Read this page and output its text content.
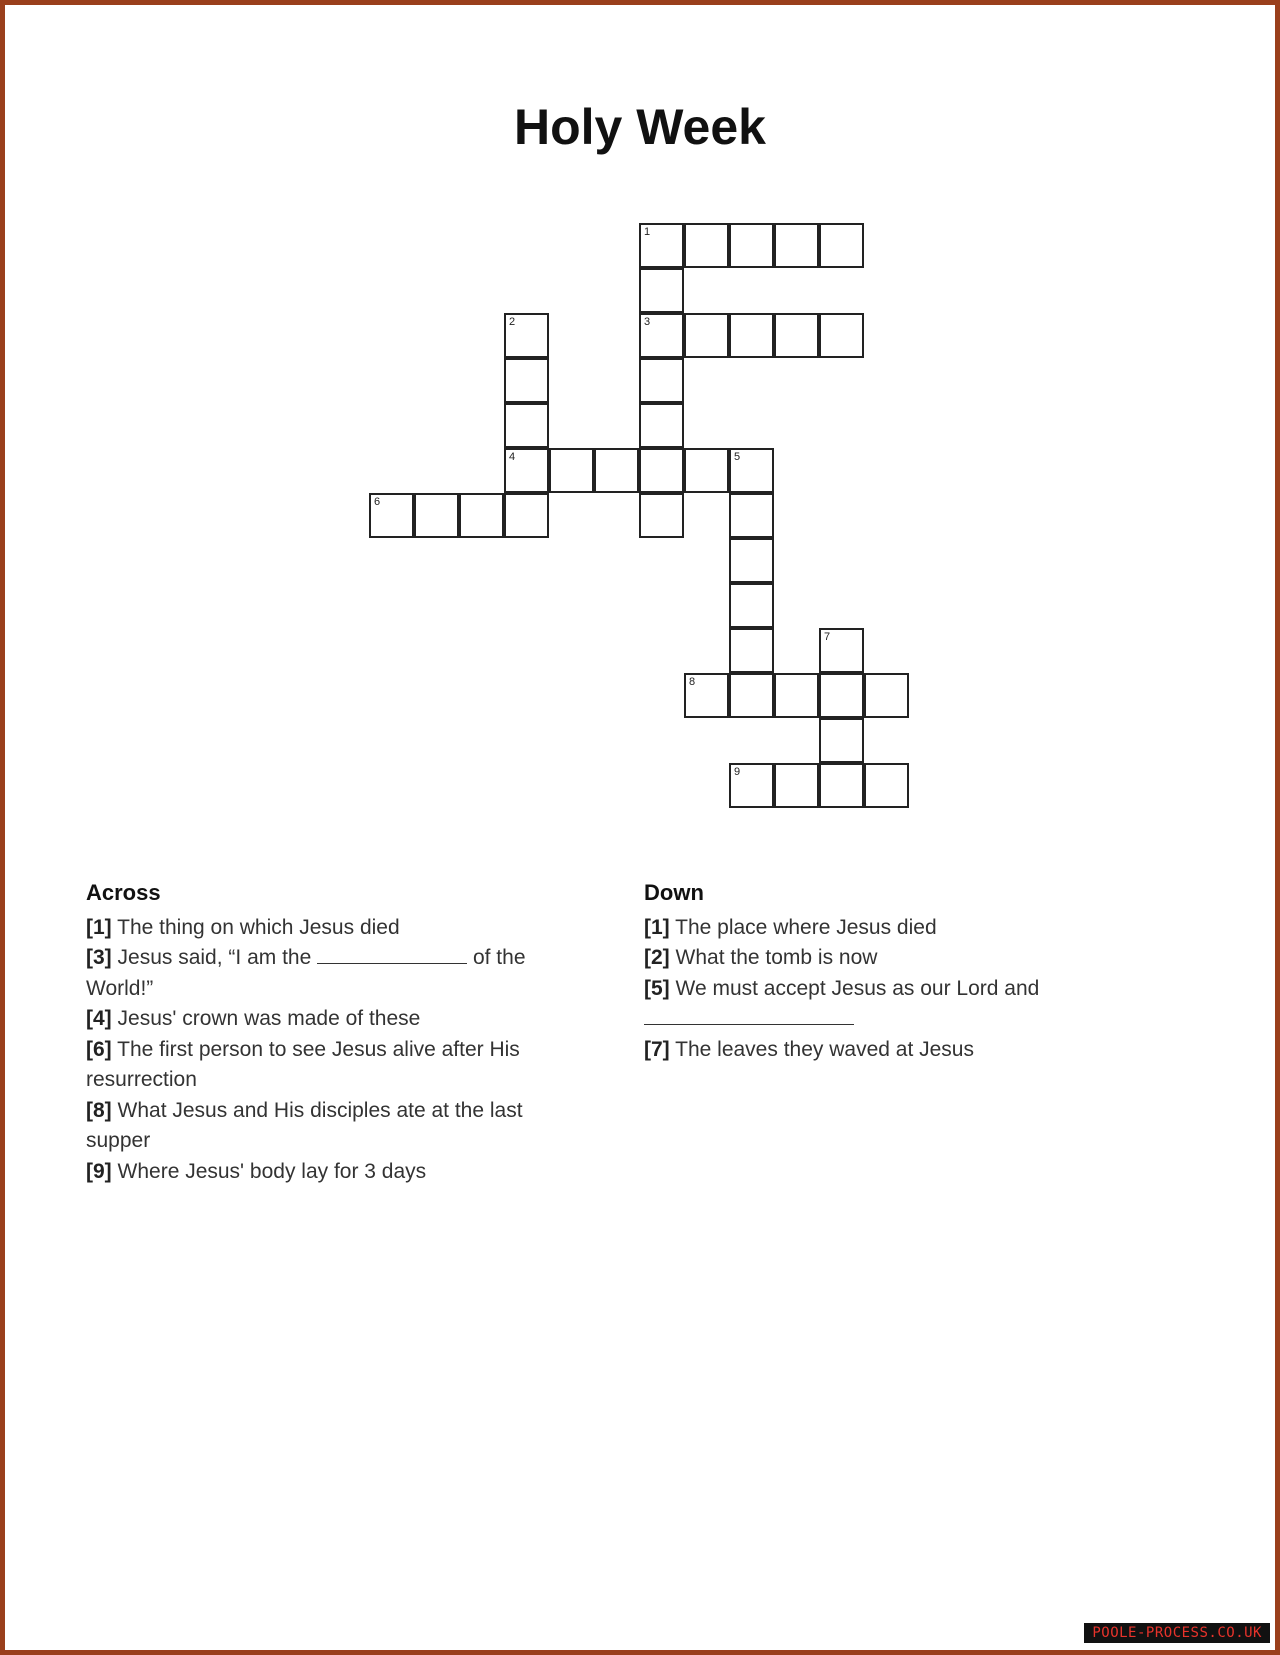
Holy Week
1
2	3
4	5
6
7
8
9
Across

[1] The thing on which Jesus died

[3] Jesus said, “I am the	of the World!”

[4] Jesus' crown was made of these

[6] The first person to see Jesus alive after His resurrection

[8] What Jesus and His disciples ate at the last supper

[9] Where Jesus' body lay for 3 days

Down

[1] The place where Jesus died

[2] What the tomb is now

[5] We must accept Jesus as our Lord and

[7] The leaves they waved at Jesus

POOLE-PROCESS.CO.UK
